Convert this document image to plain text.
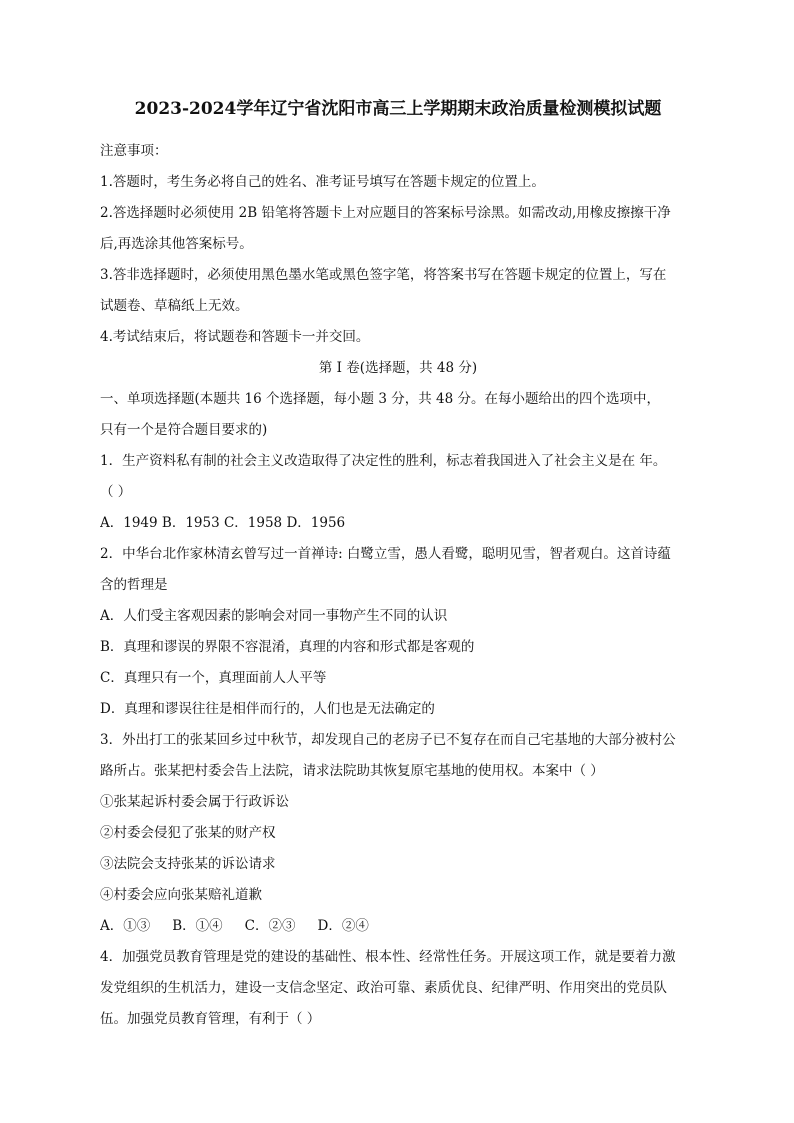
2023-2024学年辽宁省沈阳市高三上学期期末政治质量检测模拟试题
注意事项：
1.答题时，考生务必将自己的姓名、准考证号填写在答题卡规定的位置上。
2.答选择题时必须使用 2B 铅笔将答题卡上对应题目的答案标号涂黑。如需改动,用橡皮擦擦干净
后,再选涂其他答案标号。
3.答非选择题时，必须使用黑色墨水笔或黑色签字笔，将答案书写在答题卡规定的位置上，写在
试题卷、草稿纸上无效。
4.考试结束后，将试题卷和答题卡一并交回。
第 I 卷(选择题，共 48 分)
一、单项选择题(本题共 16 个选择题，每小题 3 分，共 48 分。在每小题给出的四个选项中，
只有一个是符合题目要求的)
1．生产资料私有制的社会主义改造取得了决定性的胜利，标志着我国进入了社会主义是在 年。
（ ）
A．1949 B．1953 C．1958 D．1956
2．中华台北作家林清玄曾写过一首禅诗: 白鹭立雪，愚人看鹭，聪明见雪，智者观白。这首诗蕴
含的哲理是
A．人们受主客观因素的影响会对同一事物产生不同的认识
B．真理和谬误的界限不容混淆，真理的内容和形式都是客观的
C．真理只有一个，真理面前人人平等
D．真理和谬误往往是相伴而行的，人们也是无法确定的
3．外出打工的张某回乡过中秋节，却发现自己的老房子已不复存在而自己宅基地的大部分被村公
路所占。张某把村委会告上法院，请求法院助其恢复原宅基地的使用权。本案中（ ）
①张某起诉村委会属于行政诉讼
②村委会侵犯了张某的财产权
③法院会支持张某的诉讼请求
④村委会应向张某赔礼道歉
A．①③ B．①④ C．②③ D．②④
4．加强党员教育管理是党的建设的基础性、根本性、经常性任务。开展这项工作，就是要着力激
发党组织的生机活力，建设一支信念坚定、政治可靠、素质优良、纪律严明、作用突出的党员队
伍。加强党员教育管理，有利于（ ）
